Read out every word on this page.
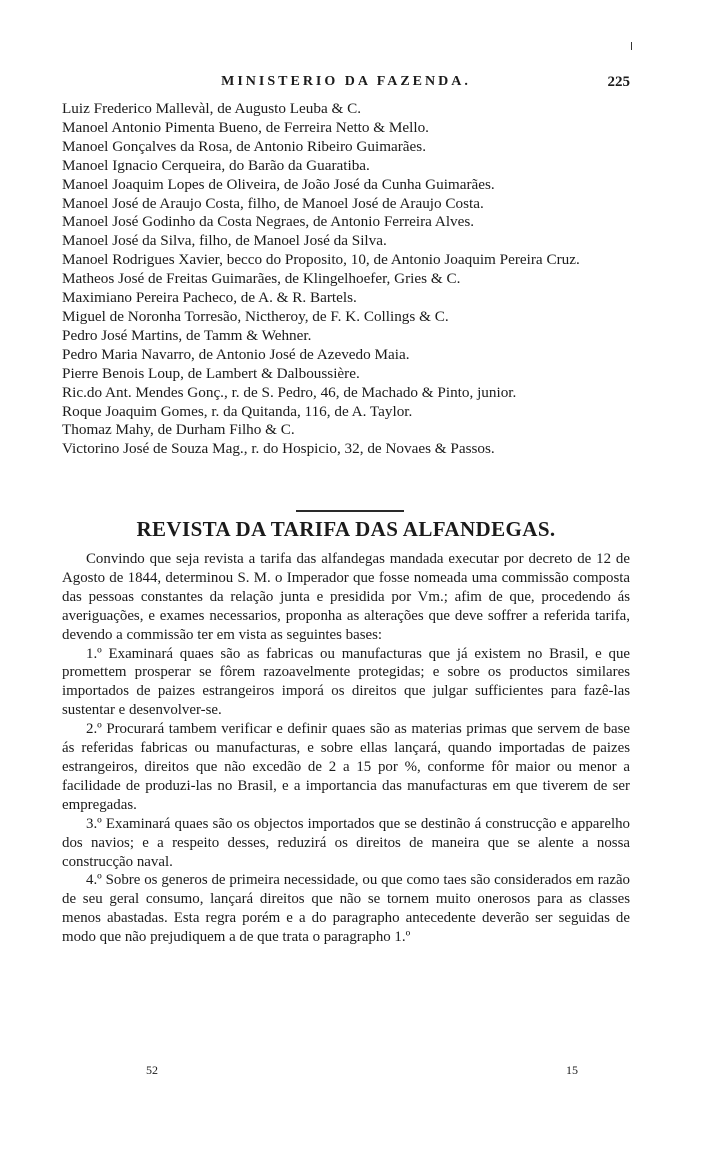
MINISTERIO DA FAZENDA.	225
Luiz Frederico Mallevàl, de Augusto Leuba & C.
Manoel Antonio Pimenta Bueno, de Ferreira Netto & Mello.
Manoel Gonçalves da Rosa, de Antonio Ribeiro Guimarães.
Manoel Ignacio Cerqueira, do Barão da Guaratiba.
Manoel Joaquim Lopes de Oliveira, de João José da Cunha Guimarães.
Manoel José de Araujo Costa, filho, de Manoel José de Araujo Costa.
Manoel José Godinho da Costa Negraes, de Antonio Ferreira Alves.
Manoel José da Silva, filho, de Manoel José da Silva.
Manoel Rodrigues Xavier, becco do Proposito, 10, de Antonio Joaquim Pereira Cruz.
Matheos José de Freitas Guimarães, de Klingelhoefer, Gries & C.
Maximiano Pereira Pacheco, de A. & R. Bartels.
Miguel de Noronha Torresão, Nictheroy, de F. K. Collings & C.
Pedro José Martins, de Tamm & Wehner.
Pedro Maria Navarro, de Antonio José de Azevedo Maia.
Pierre Benois Loup, de Lambert & Dalboussière.
Ric.do Ant. Mendes Gonç., r. de S. Pedro, 46, de Machado & Pinto, junior.
Roque Joaquim Gomes, r. da Quitanda, 116, de A. Taylor.
Thomaz Mahy, de Durham Filho & C.
Victorino José de Souza Mag., r. do Hospicio, 32, de Novaes & Passos.
REVISTA DA TARIFA DAS ALFANDEGAS.

Convindo que seja revista a tarifa das alfandegas mandada executar por decreto de 12 de Agosto de 1844, determinou S. M. o Imperador que fosse nomeada uma commissão composta das pessoas constantes da relação junta e presidida por Vm.; afim de que, procedendo ás averiguações, e exames necessarios, proponha as alterações que deve soffrer a referida tarifa, devendo a commissão ter em vista as seguintes bases:

1.º Examinará quaes são as fabricas ou manufacturas que já existem no Brasil, e que promettem prosperar se fôrem razoavelmente protegidas; e sobre os productos similares importados de paizes estrangeiros imporá os direitos que julgar sufficientes para fazê-las sustentar e desenvolver-se.

2.º Procurará tambem verificar e definir quaes são as materias primas que servem de base ás referidas fabricas ou manufacturas, e sobre ellas lançará, quando importadas de paizes estrangeiros, direitos que não excedão de 2 a 15 por %, conforme fôr maior ou menor a facilidade de produzi-las no Brasil, e a importancia das manufacturas em que tiverem de ser empregadas.

3.º Examinará quaes são os objectos importados que se destinão á construcção e apparelho dos navios; e a respeito desses, reduzirá os direitos de maneira que se alente a nossa construcção naval.

4.º Sobre os generos de primeira necessidade, ou que como taes são considerados em razão de seu geral consumo, lançará direitos que não se tornem muito onerosos para as classes menos abastadas. Esta regra porém e a do paragrapho antecedente deverão ser seguidas de modo que não prejudiquem a de que trata o paragrapho 1.º

52	15
